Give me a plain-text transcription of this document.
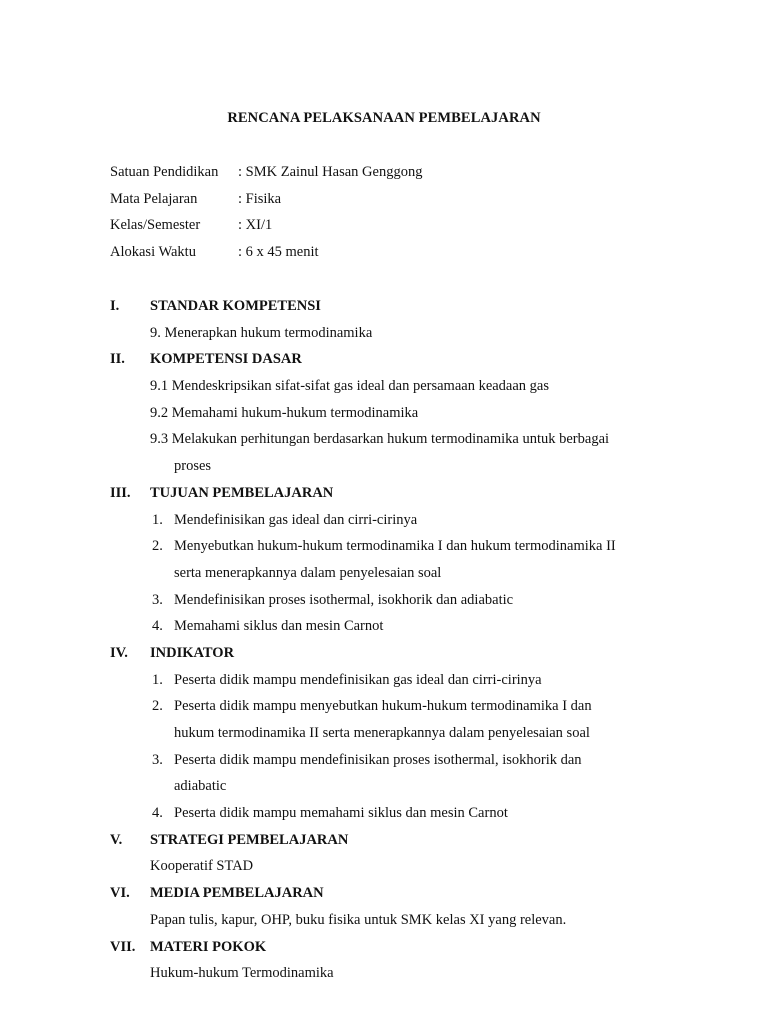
RENCANA PELAKSANAAN PEMBELAJARAN
Satuan Pendidikan : SMK Zainul Hasan Genggong
Mata Pelajaran	: Fisika
Kelas/Semester	: XI/1
Alokasi Waktu	: 6 x 45 menit
I. STANDAR KOMPETENSI
9. Menerapkan hukum termodinamika
II. KOMPETENSI DASAR
9.1 Mendeskripsikan sifat-sifat gas ideal dan persamaan keadaan gas
9.2 Memahami hukum-hukum termodinamika
9.3 Melakukan perhitungan berdasarkan hukum termodinamika untuk berbagai
proses
III. TUJUAN PEMBELAJARAN
1. Mendefinisikan gas ideal dan cirri-cirinya
2. Menyebutkan hukum-hukum termodinamika I dan hukum termodinamika II
serta menerapkannya dalam penyelesaian soal
3. Mendefinisikan proses isothermal, isokhorik dan adiabatic
4. Memahami siklus dan mesin Carnot
IV. INDIKATOR
1. Peserta didik mampu mendefinisikan gas ideal dan cirri-cirinya
2. Peserta didik mampu menyebutkan hukum-hukum termodinamika I dan
hukum termodinamika II serta menerapkannya dalam penyelesaian soal
3. Peserta didik mampu mendefinisikan proses isothermal, isokhorik dan
adiabatic
4. Peserta didik mampu memahami siklus dan mesin Carnot
V. STRATEGI PEMBELAJARAN
Kooperatif STAD
VI. MEDIA PEMBELAJARAN
Papan tulis, kapur, OHP, buku fisika untuk SMK kelas XI yang relevan.
VII. MATERI POKOK
Hukum-hukum Termodinamika
